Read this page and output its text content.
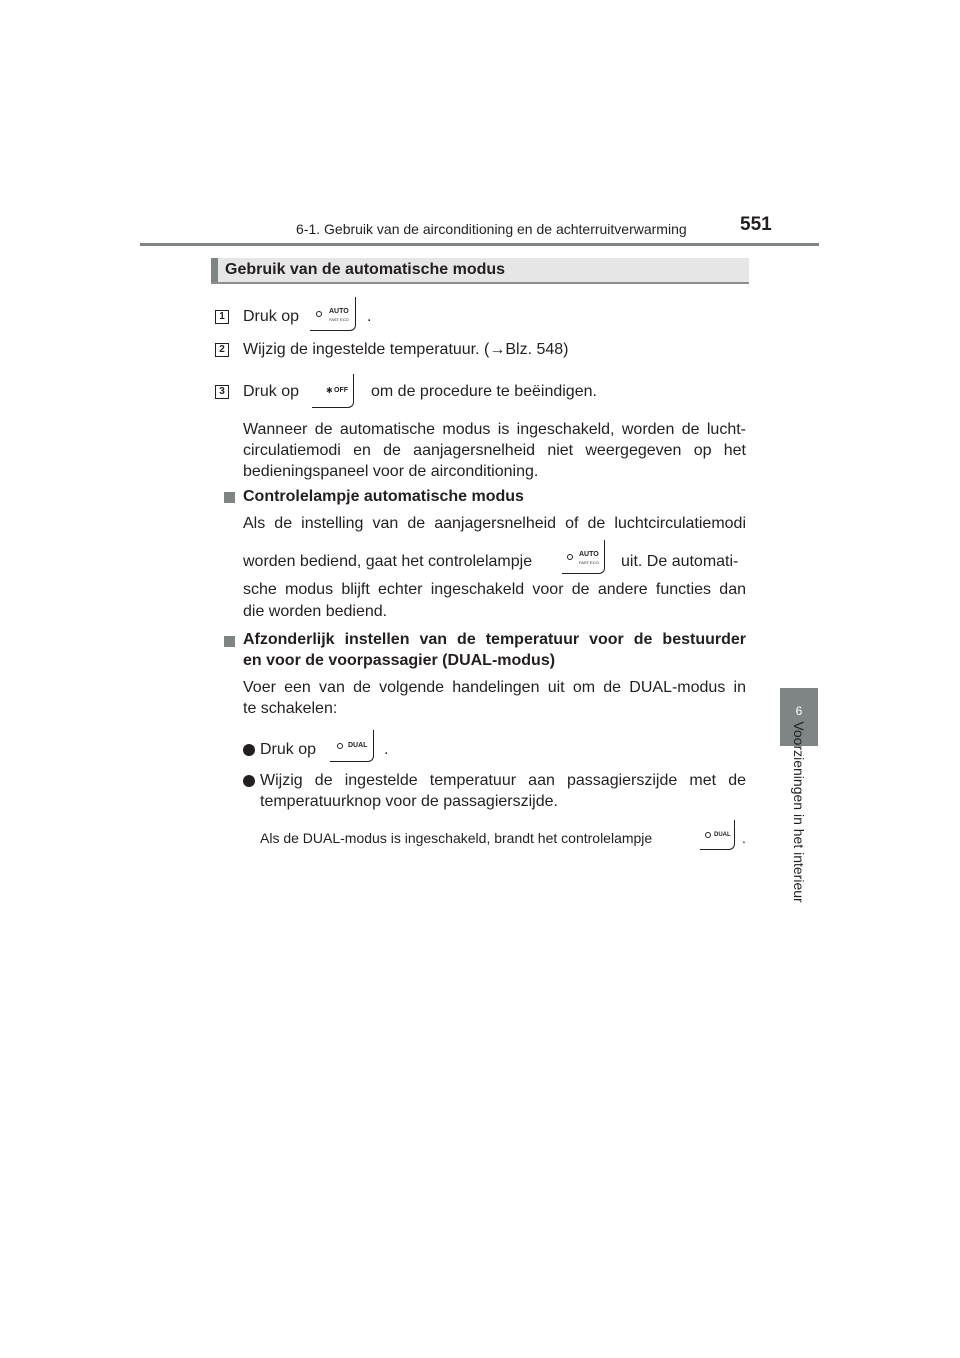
6-1. Gebruik van de airconditioning en de achterruitverwarming	551
6
Voorzieningen in het interieur
Gebruik van de automatische modus
1 Druk op	AUTO
FAST ECO .
2 Wijzig de ingestelde temperatuur. (→Blz. 548)
3 Druk op	✱ OFF om de procedure te beëindigen.
Wanneer de automatische modus is ingeschakeld, worden de lucht-
circulatiemodi en de aanjagersnelheid niet weergegeven op het
bedieningspaneel voor de airconditioning.
Controlelampje automatische modus
Als de instelling van de aanjagersnelheid of de luchtcirculatiemodi
worden bediend, gaat het controlelampje	AUTO
FAST ECO uit. De automati-
sche modus blijft echter ingeschakeld voor de andere functies dan
die worden bediend.
Afzonderlijk instellen van de temperatuur voor de bestuurder
en voor de voorpassagier (DUAL-modus)
Voer een van de volgende handelingen uit om de DUAL-modus in
te schakelen:
Druk op	DUAL .
Wijzig de ingestelde temperatuur aan passagierszijde met de
temperatuurknop voor de passagierszijde.
Als de DUAL-modus is ingeschakeld, brandt het controlelampje	DUAL .
